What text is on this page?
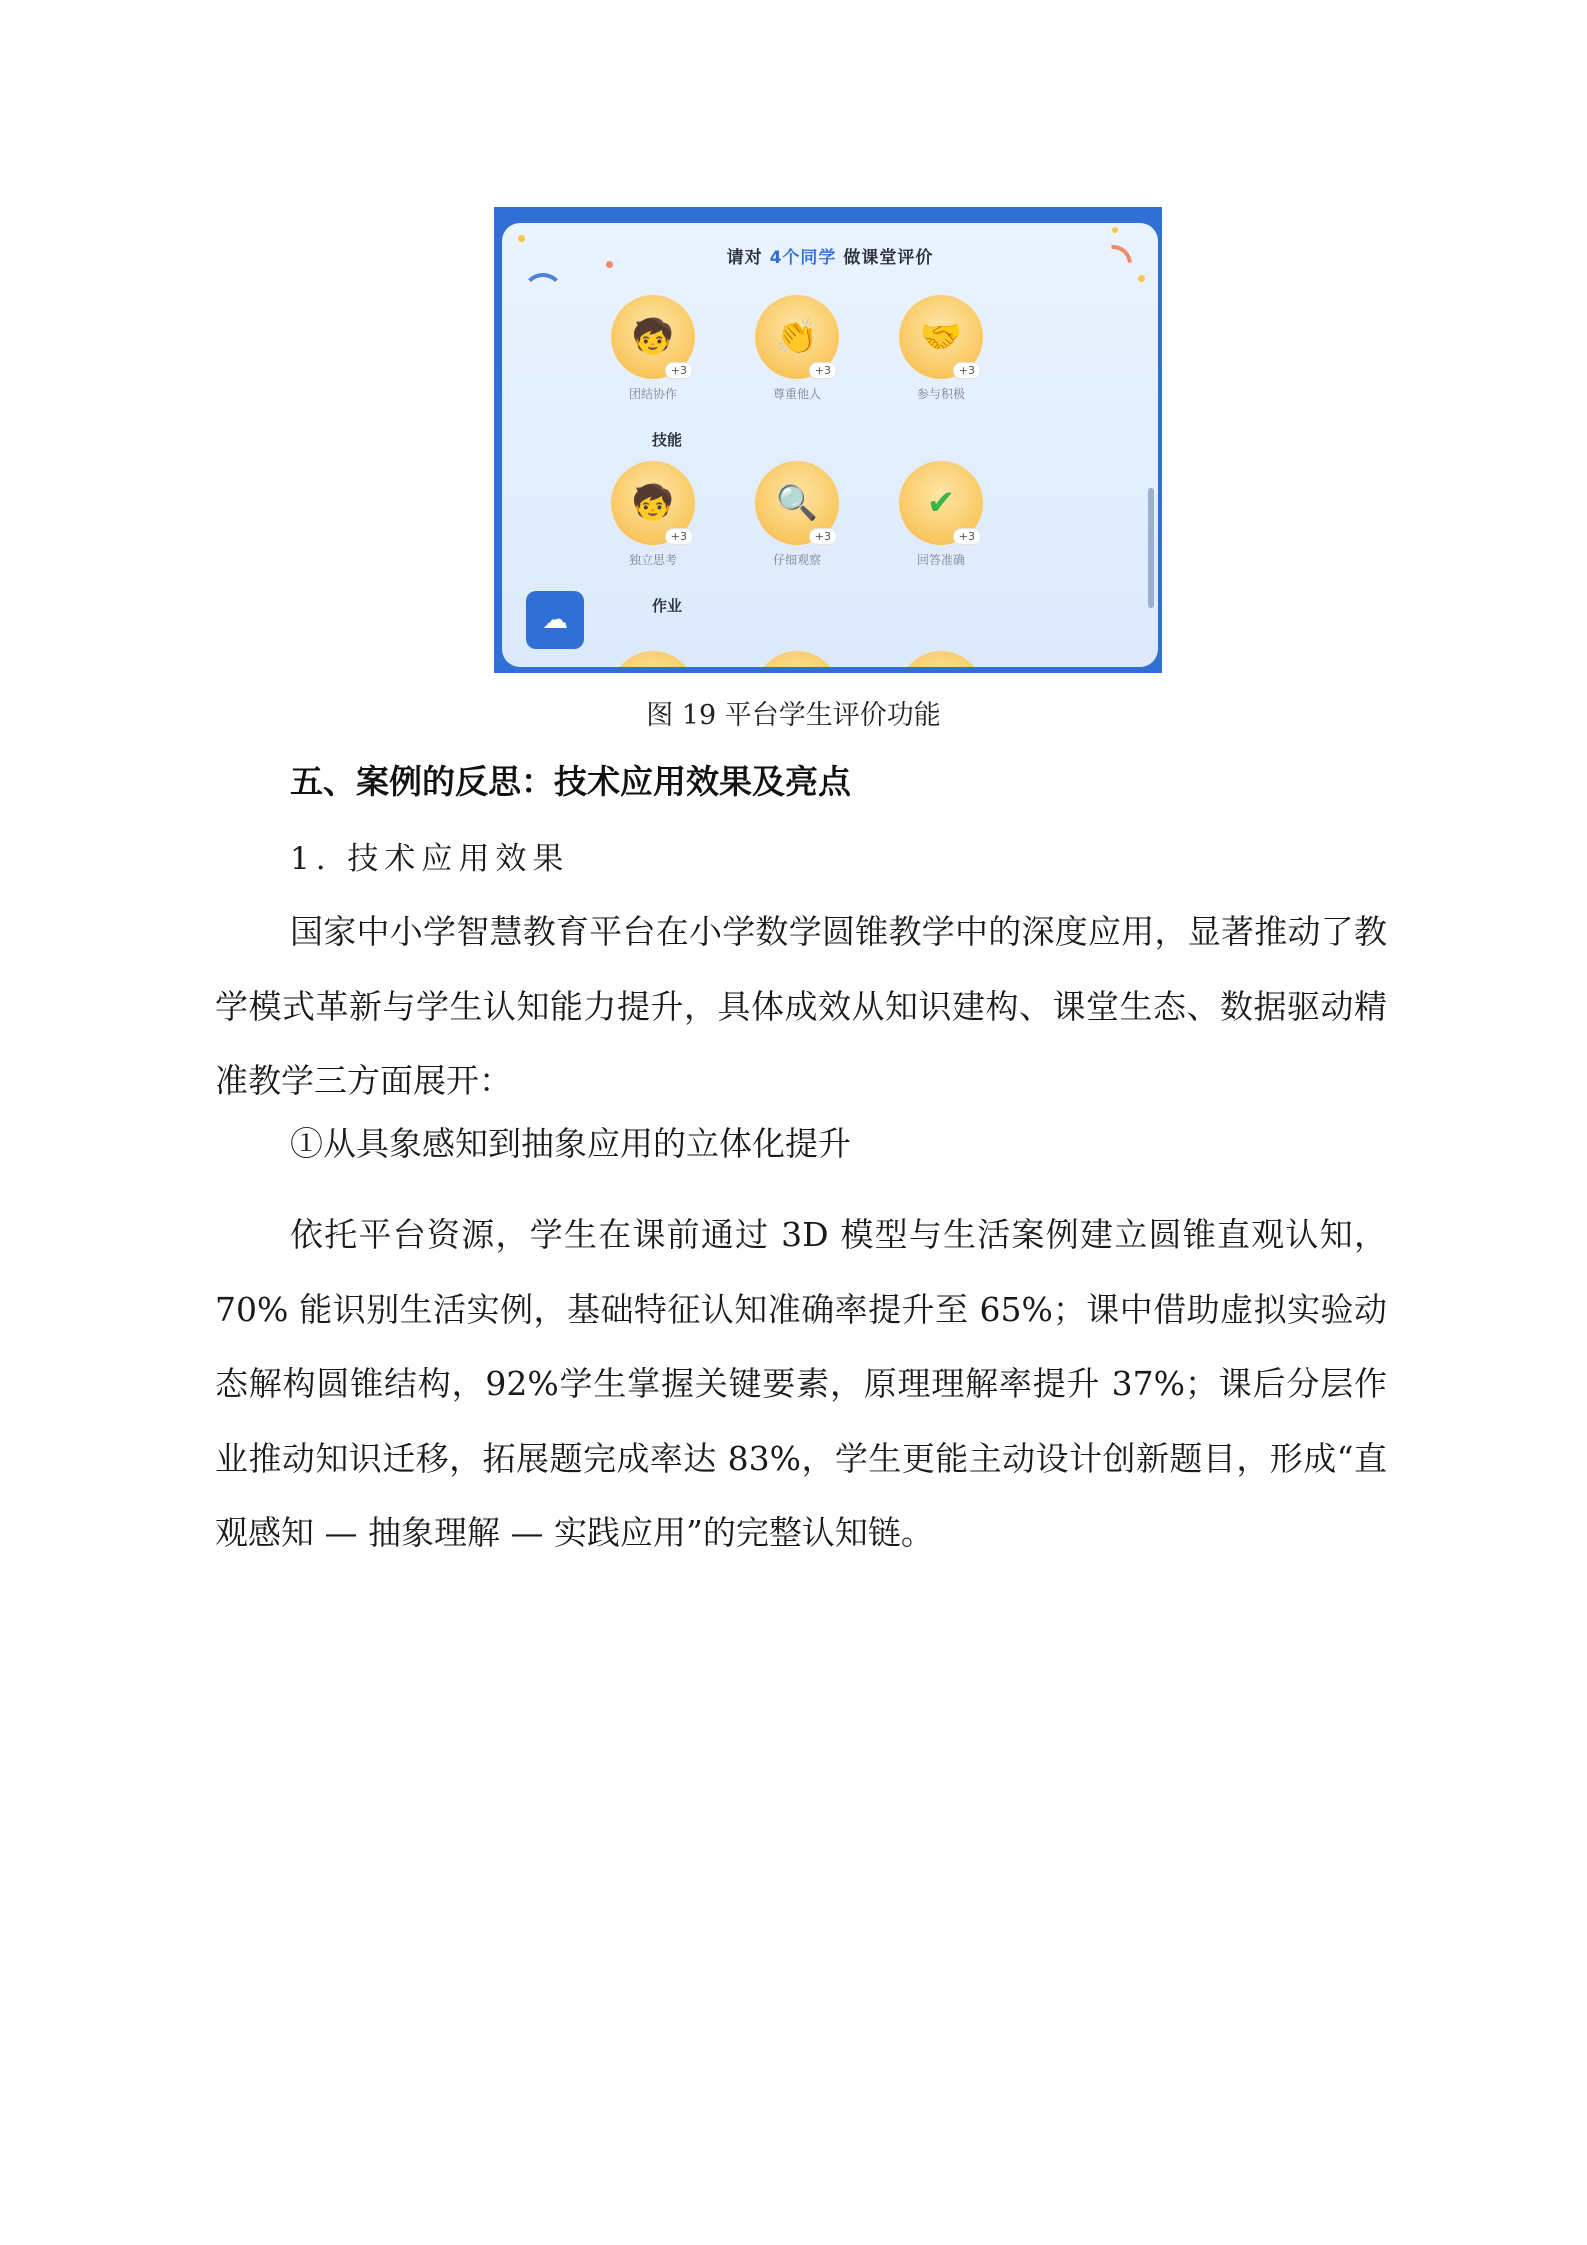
请对 4个同学 做课堂评价
🧒
+3
团结协作
👏
+3
尊重他人
🤝
+3
参与积极
技能
🧒
+3
独立思考
🔍
+3
仔细观察
✔
+3
回答准确
作业
☁
图 19 平台学生评价功能
五、案例的反思：技术应用效果及亮点
1. 技术应用效果

国家中小学智慧教育平台在小学数学圆锥教学中的深度应用，显著推动了教学模式革新与学生认知能力提升，具体成效从知识建构、课堂生态、数据驱动精准教学三方面展开：

①从具象感知到抽象应用的立体化提升

依托平台资源，学生在课前通过 3D 模型与生活案例建立圆锥直观认知，70% 能识别生活实例，基础特征认知准确率提升至 65%；课中借助虚拟实验动态解构圆锥结构，92%学生掌握关键要素，原理理解率提升 37%；课后分层作业推动知识迁移，拓展题完成率达 83%，学生更能主动设计创新题目，形成“直观感知 — 抽象理解 — 实践应用”的完整认知链。
